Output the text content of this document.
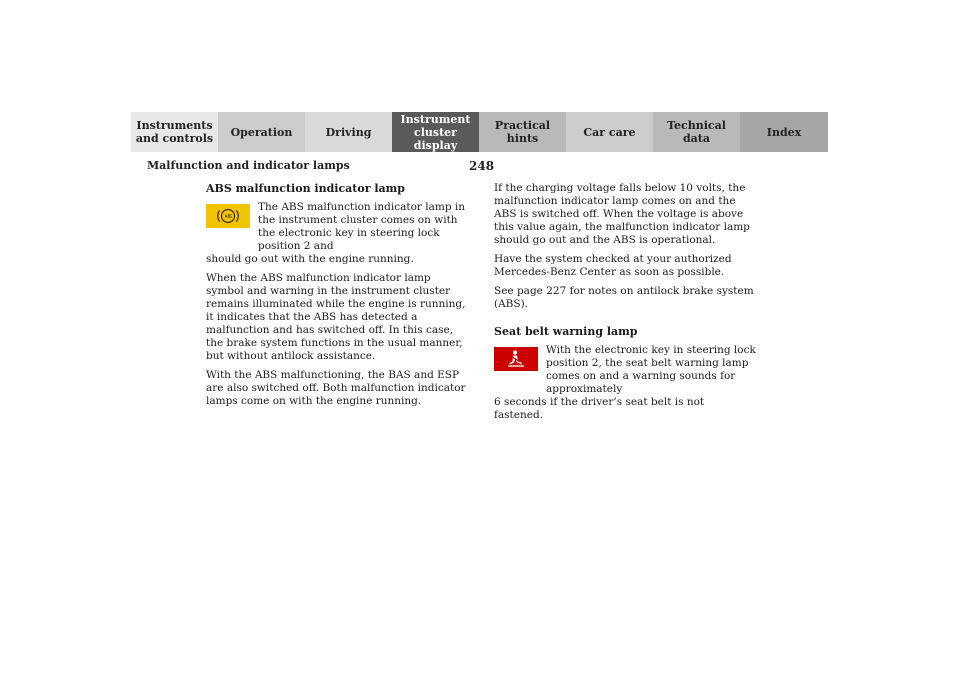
Instruments
and controls Operation	Driving
Instrument
cluster display
Practical hints	Car care	Technical
data	Index
Malfunction and indicator lamps	248
ABS malfunction indicator lamp
The ABS malfunction indicator lamp in the instrument cluster comes on with the electronic key in steering lock position 2 and
should go out with the engine running.
When the ABS malfunction indicator lamp symbol and warning in the instrument cluster remains illuminated while the engine is running, it indicates that the ABS has detected a malfunction and has switched off. In this case, the brake system functions in the usual manner, but without antilock assistance.
With the ABS malfunctioning, the BAS and ESP are also switched off. Both malfunction indicator lamps come on with the engine running.
If the charging voltage falls below 10 volts, the malfunction indicator lamp comes on and the ABS is switched off. When the voltage is above this value again, the malfunction indicator lamp should go out and the ABS is operational.
Have the system checked at your authorized Mercedes-Benz Center as soon as possible.
See page 227 for notes on antilock brake system (ABS).
Seat belt warning lamp
With the electronic key in steering lock position 2, the seat belt warning lamp comes on and a warning sounds for approximately
6 seconds if the driver’s seat belt is not fastened.
